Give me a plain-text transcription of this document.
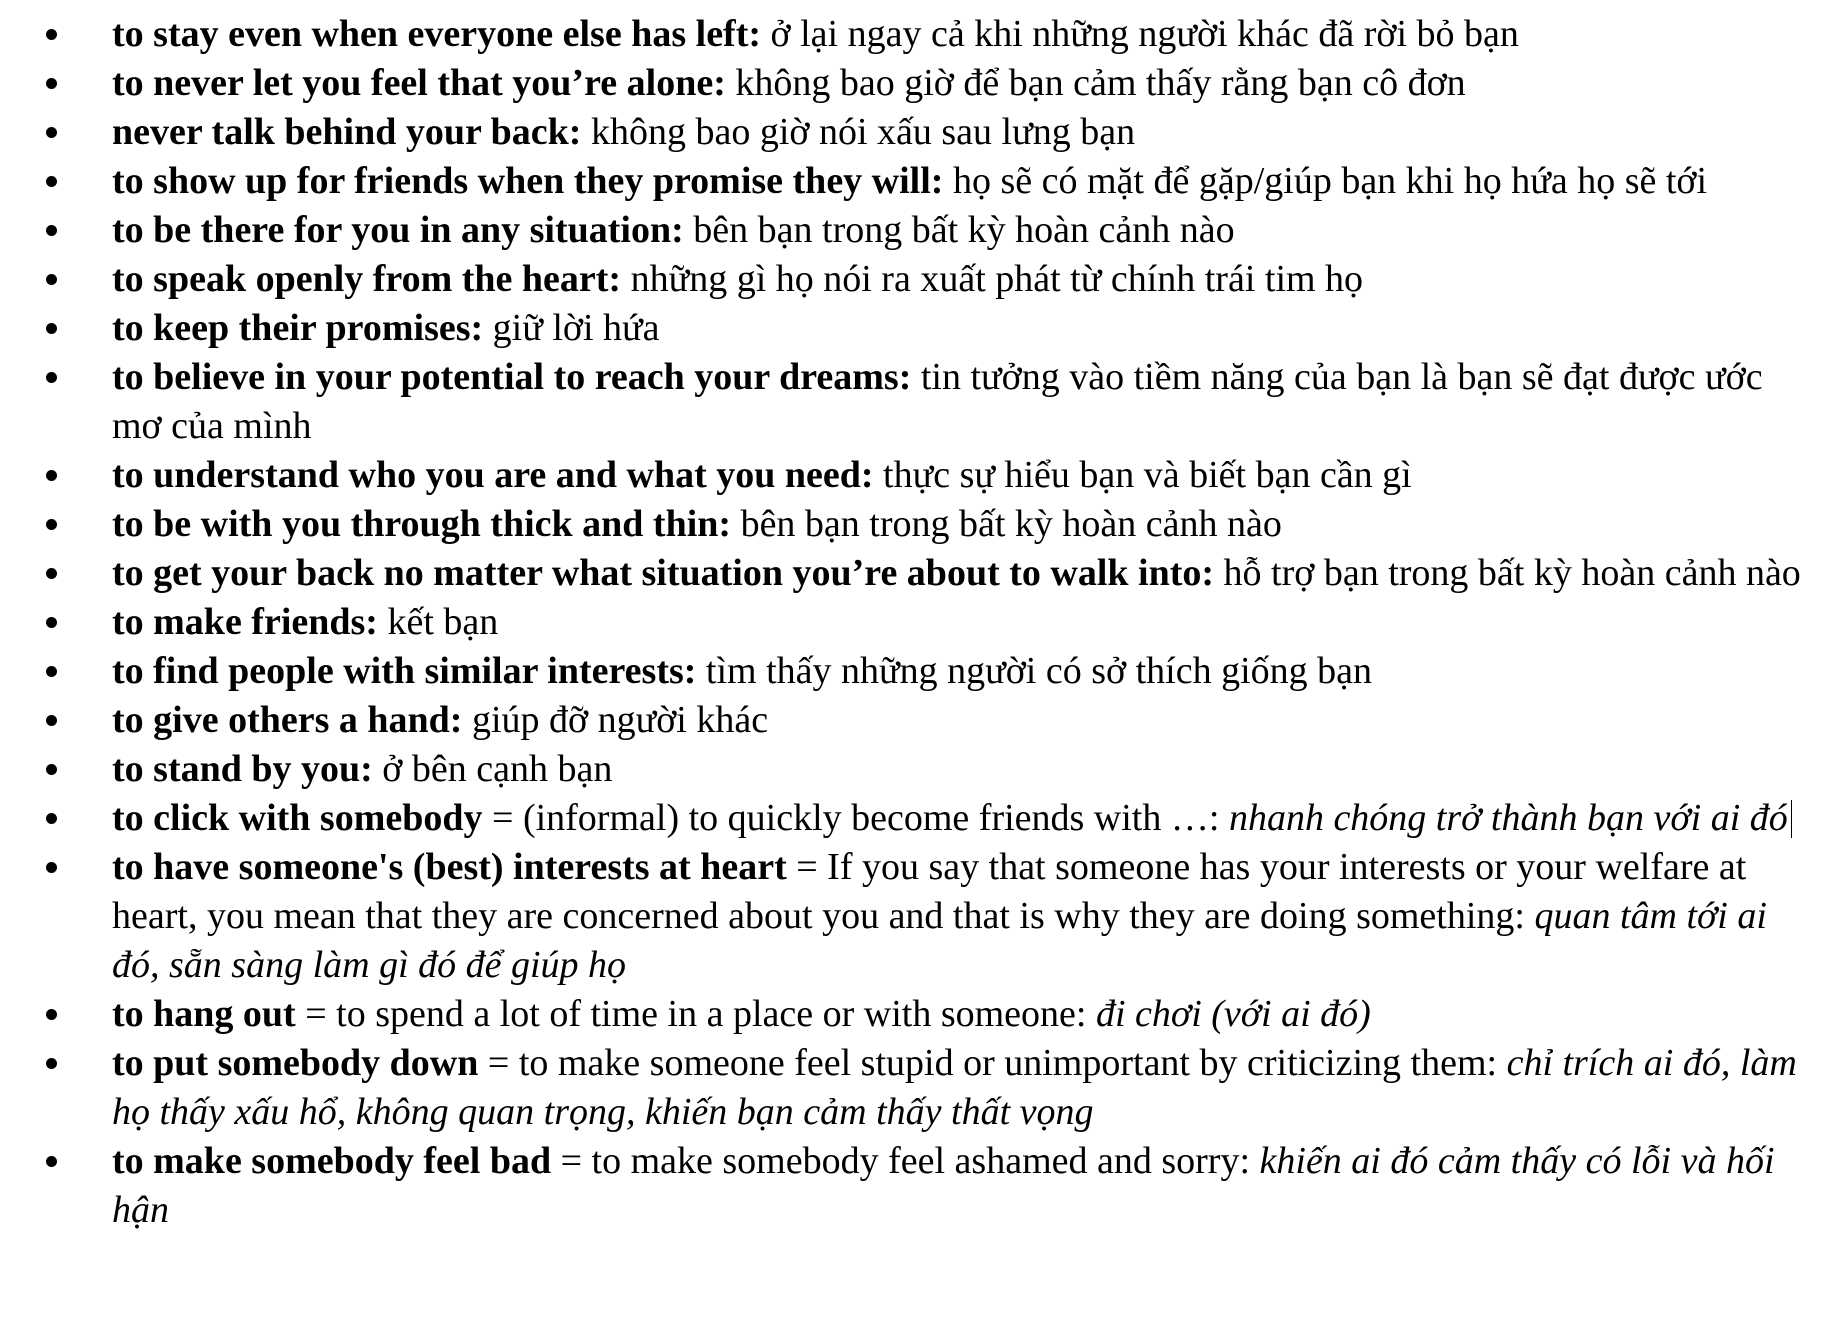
to stay even when everyone else has left: ở lại ngay cả khi những người khác đã rời bỏ bạn
to never let you feel that you’re alone: không bao giờ để bạn cảm thấy rằng bạn cô đơn
never talk behind your back: không bao giờ nói xấu sau lưng bạn
to show up for friends when they promise they will: họ sẽ có mặt để gặp/giúp bạn khi họ hứa họ sẽ tới
to be there for you in any situation: bên bạn trong bất kỳ hoàn cảnh nào
to speak openly from the heart: những gì họ nói ra xuất phát từ chính trái tim họ
to keep their promises: giữ lời hứa
to believe in your potential to reach your dreams: tin tưởng vào tiềm năng của bạn là bạn sẽ đạt được ước mơ của mình
to understand who you are and what you need: thực sự hiểu bạn và biết bạn cần gì
to be with you through thick and thin: bên bạn trong bất kỳ hoàn cảnh nào
to get your back no matter what situation you’re about to walk into: hỗ trợ bạn trong bất kỳ hoàn cảnh nào
to make friends: kết bạn
to find people with similar interests: tìm thấy những người có sở thích giống bạn
to give others a hand: giúp đỡ người khác
to stand by you: ở bên cạnh bạn
to click with somebody = (informal) to quickly become friends with …: nhanh chóng trở thành bạn với ai đó
to have someone's (best) interests at heart = If you say that someone has your interests or your welfare at heart, you mean that they are concerned about you and that is why they are doing something: quan tâm tới ai đó, sẵn sàng làm gì đó để giúp họ
to hang out = to spend a lot of time in a place or with someone: đi chơi (với ai đó)
to put somebody down = to make someone feel stupid or unimportant by criticizing them: chỉ trích ai đó, làm họ thấy xấu hổ, không quan trọng, khiến bạn cảm thấy thất vọng
to make somebody feel bad = to make somebody feel ashamed and sorry: khiến ai đó cảm thấy có lỗi và hối hận
